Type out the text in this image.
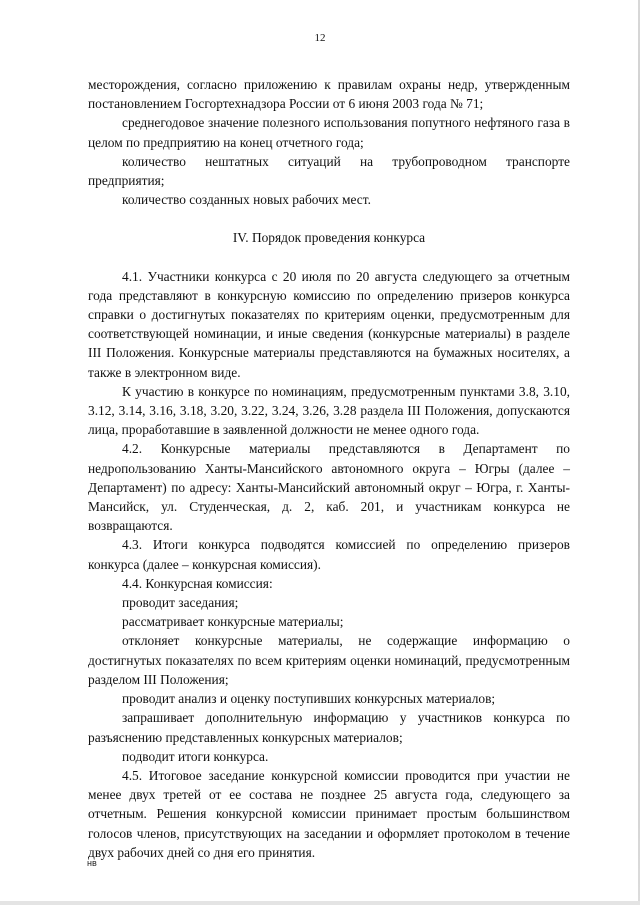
12

месторождения, согласно приложению к правилам охраны недр, утвержденным постановлением Госгортехнадзора России от 6 июня 2003 года № 71;

среднегодовое значение полезного использования попутного нефтяного газа в целом по предприятию на конец отчетного года;

количество нештатных ситуаций на трубопроводном транспорте предприятия;

количество созданных новых рабочих мест.

IV. Порядок проведения конкурса

4.1. Участники конкурса с 20 июля по 20 августа следующего за отчетным года представляют в конкурсную комиссию по определению призеров конкурса справки о достигнутых показателях по критериям оценки, предусмотренным для соответствующей номинации, и иные сведения (конкурсные материалы) в разделе III Положения. Конкурсные материалы представляются на бумажных носителях, а также в электронном виде.

К участию в конкурсе по номинациям, предусмотренным пунктами 3.8, 3.10, 3.12, 3.14, 3.16, 3.18, 3.20, 3.22, 3.24, 3.26, 3.28 раздела III Положения, допускаются лица, проработавшие в заявленной должности не менее одного года.

4.2. Конкурсные материалы представляются в Департамент по недропользованию Ханты-Мансийского автономного округа – Югры (далее – Департамент) по адресу: Ханты-Мансийский автономный округ – Югра, г. Ханты-Мансийск, ул. Студенческая, д. 2, каб. 201, и участникам конкурса не возвращаются.

4.3. Итоги конкурса подводятся комиссией по определению призеров конкурса (далее – конкурсная комиссия).

4.4. Конкурсная комиссия:

проводит заседания;

рассматривает конкурсные материалы;

отклоняет конкурсные материалы, не содержащие информацию о достигнутых показателях по всем критериям оценки номинаций, предусмотренным разделом III Положения;

проводит анализ и оценку поступивших конкурсных материалов;

запрашивает дополнительную информацию у участников конкурса по разъяснению представленных конкурсных материалов;

подводит итоги конкурса.

4.5. Итоговое заседание конкурсной комиссии проводится при участии не менее двух третей от ее состава не позднее 25 августа года, следующего за отчетным. Решения конкурсной комиссии принимает простым большинством голосов членов, присутствующих на заседании и оформляет протоколом в течение двух рабочих дней со дня его принятия.

нв
